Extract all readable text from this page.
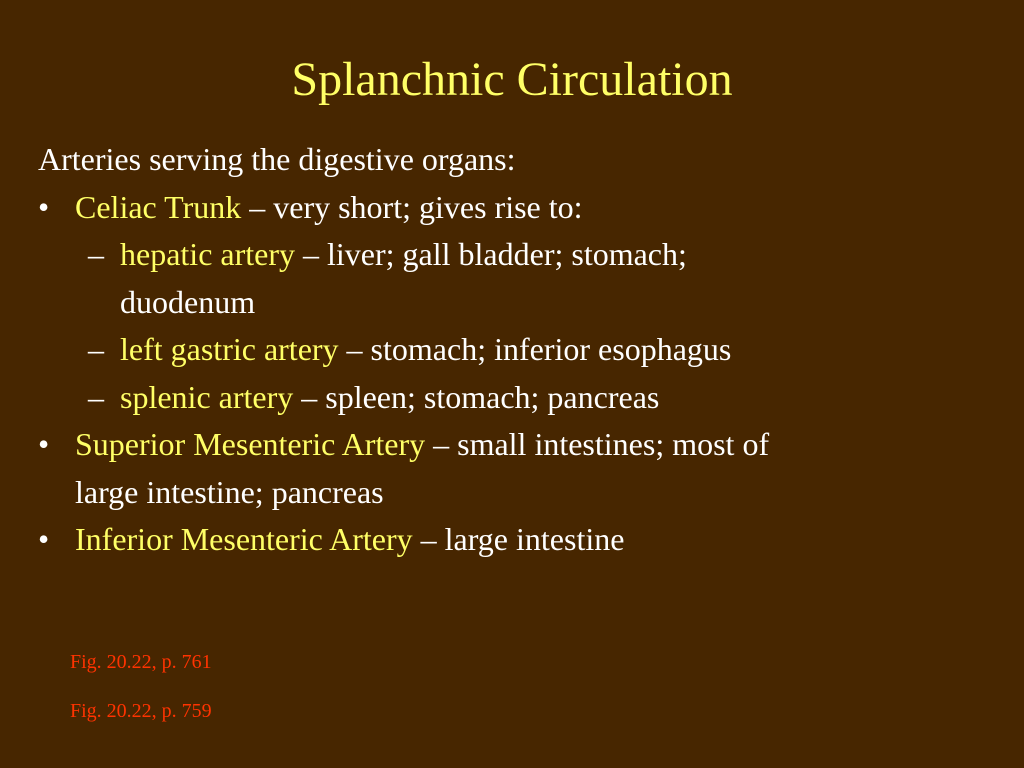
Splanchnic Circulation
Arteries serving the digestive organs:
• Celiac Trunk – very short; gives rise to:
– hepatic artery – liver; gall bladder; stomach;
duodenum
– left gastric artery – stomach; inferior esophagus
– splenic artery – spleen; stomach; pancreas
• Superior Mesenteric Artery – small intestines; most of
large intestine; pancreas
• Inferior Mesenteric Artery – large intestine
Fig. 20.22, p. 761
Fig. 20.22, p. 759
